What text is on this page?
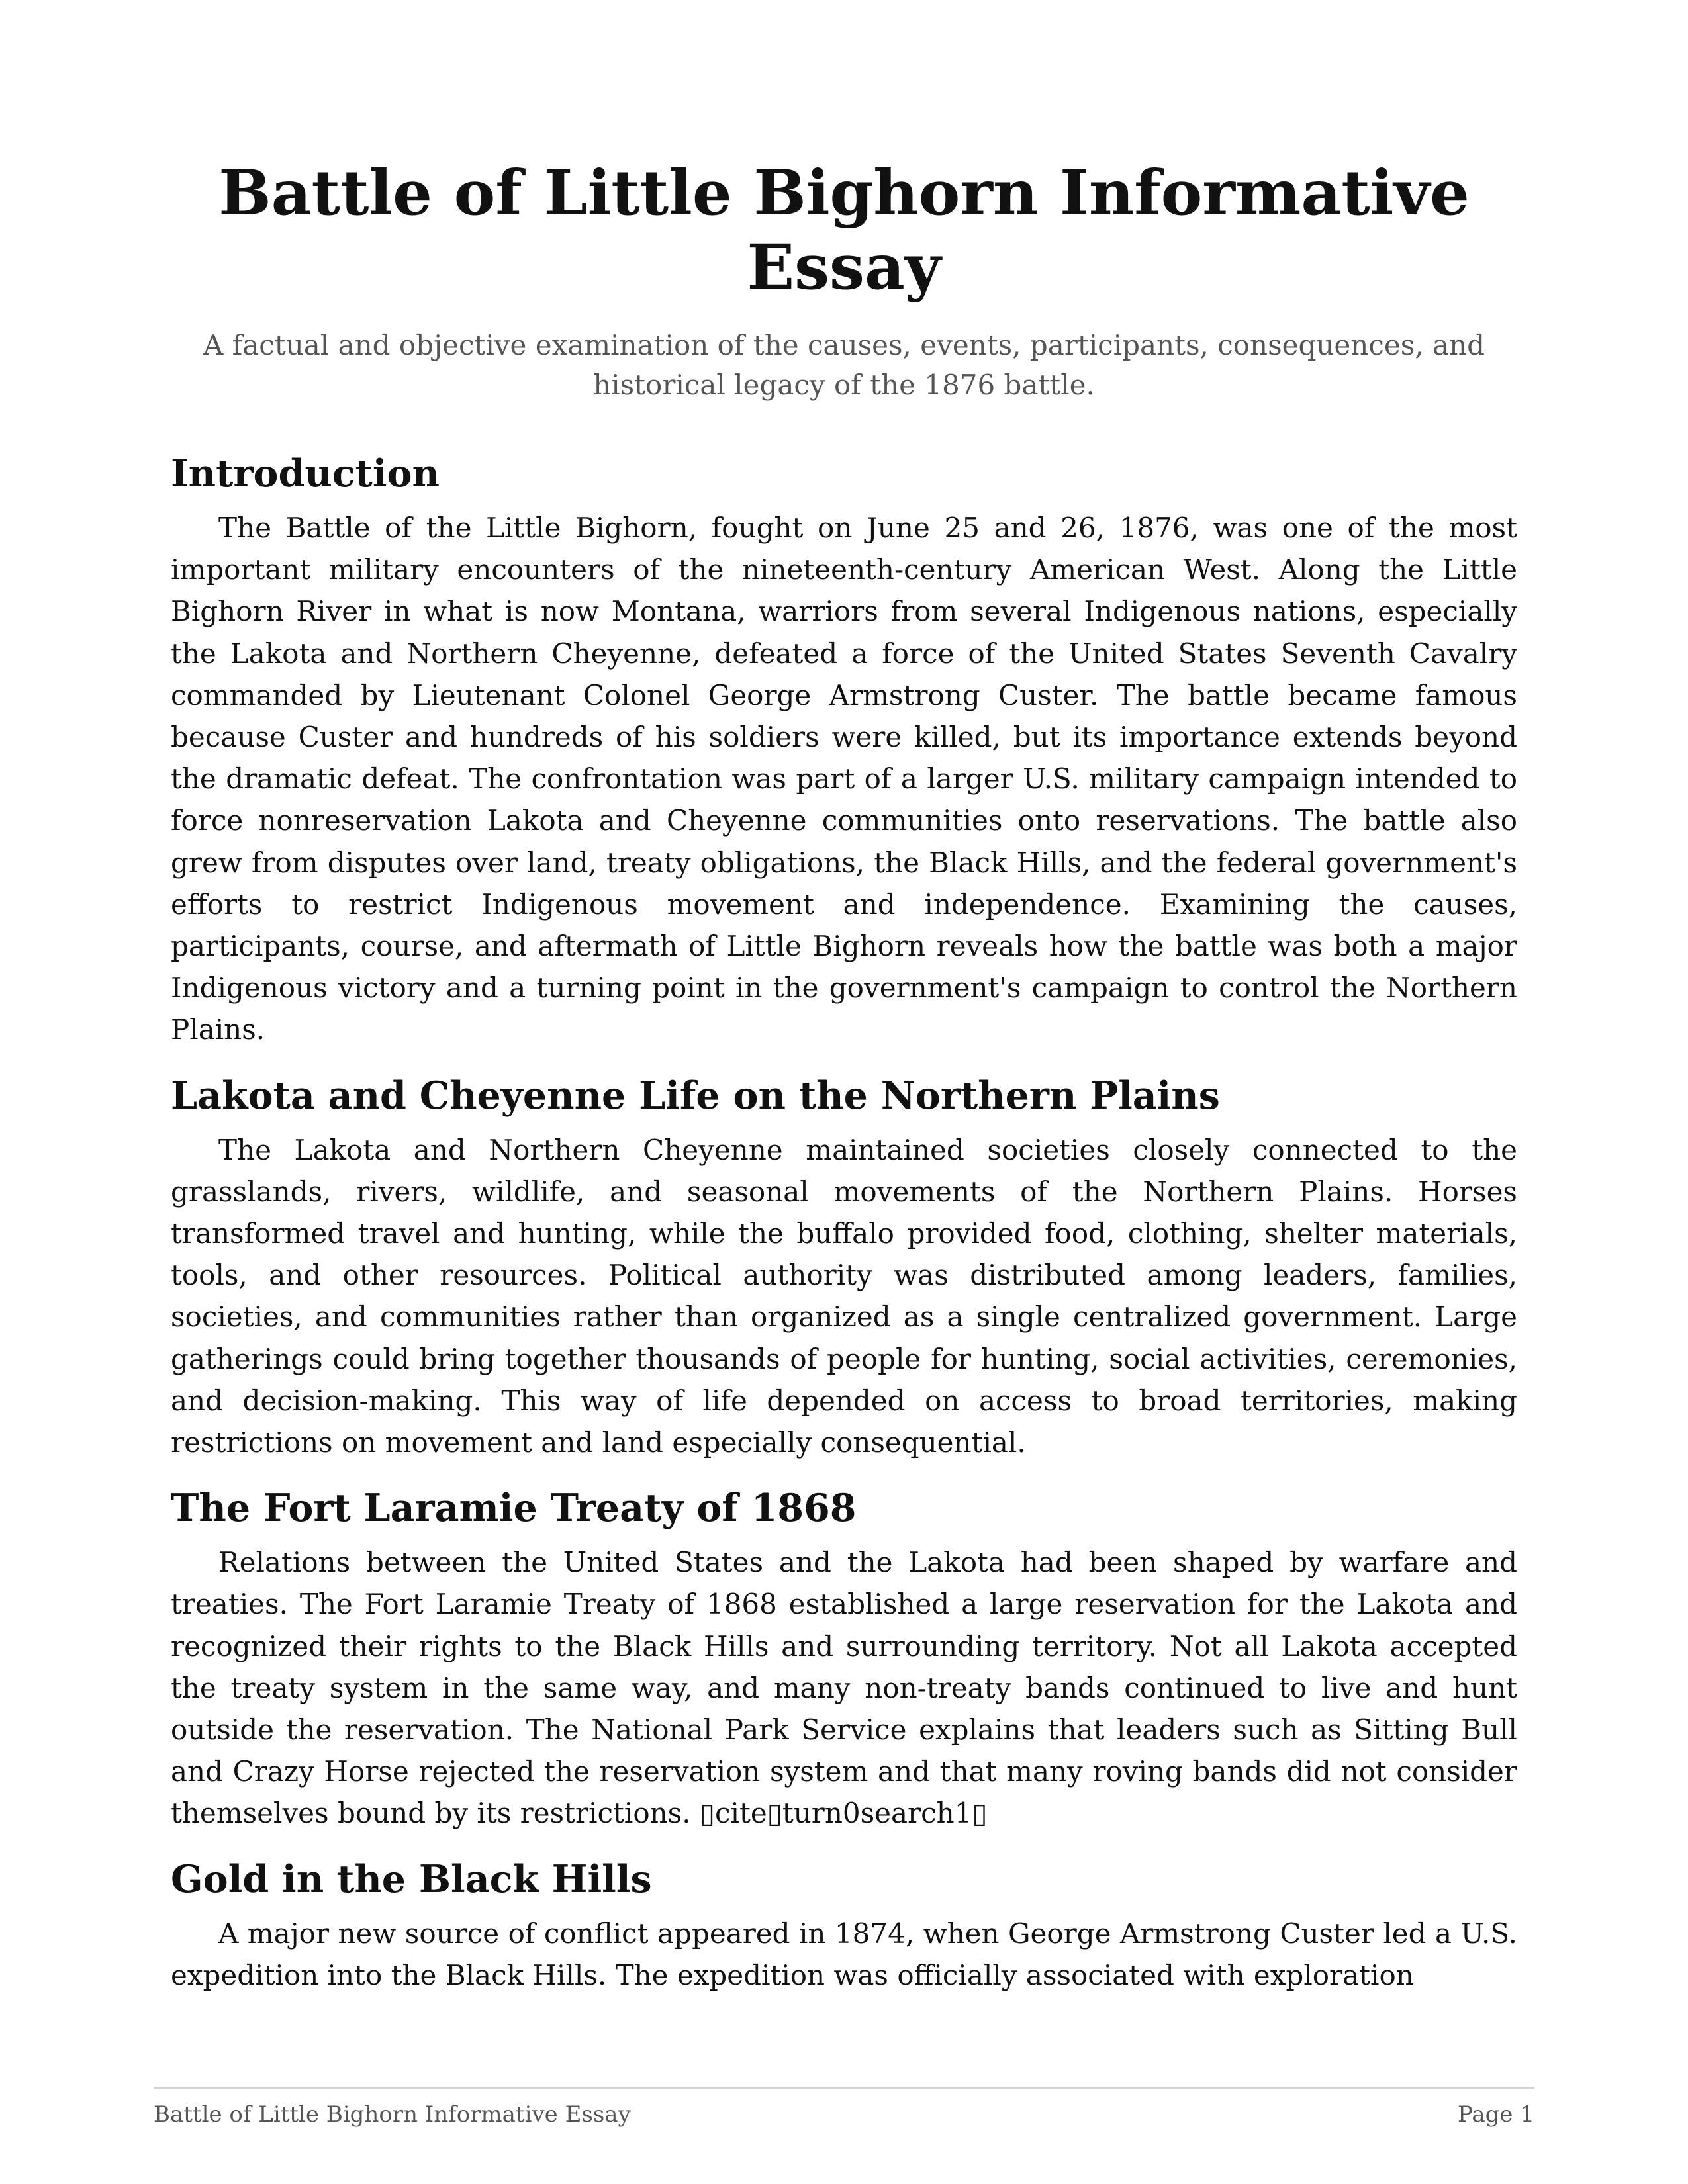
Battle of Little Bighorn Informative Essay

A factual and objective examination of the causes, events, participants, consequences, and historical legacy of the 1876 battle.

Introduction

The Battle of the Little Bighorn, fought on June 25 and 26, 1876, was one of the most important military encounters of the nineteenth-century American West. Along the Little Bighorn River in what is now Montana, warriors from several Indigenous nations, especially the Lakota and Northern Cheyenne, defeated a force of the United States Seventh Cavalry commanded by Lieutenant Colonel George Armstrong Custer. The battle became famous because Custer and hundreds of his soldiers were killed, but its importance extends beyond the dramatic defeat. The confrontation was part of a larger U.S. military campaign intended to force nonreservation Lakota and Cheyenne communities onto reservations. The battle also grew from disputes over land, treaty obligations, the Black Hills, and the federal government's efforts to restrict Indigenous movement and independence. Examining the causes, participants, course, and aftermath of Little Bighorn reveals how the battle was both a major Indigenous victory and a turning point in the government's campaign to control the Northern Plains.

Lakota and Cheyenne Life on the Northern Plains

The Lakota and Northern Cheyenne maintained societies closely connected to the grasslands, rivers, wildlife, and seasonal movements of the Northern Plains. Horses transformed travel and hunting, while the buffalo provided food, clothing, shelter materials, tools, and other resources. Political authority was distributed among leaders, families, societies, and communities rather than organized as a single centralized government. Large gatherings could bring together thousands of people for hunting, social activities, ceremonies, and decision-making. This way of life depended on access to broad territories, making restrictions on movement and land especially consequential.

The Fort Laramie Treaty of 1868

Relations between the United States and the Lakota had been shaped by warfare and treaties. The Fort Laramie Treaty of 1868 established a large reservation for the Lakota and recognized their rights to the Black Hills and surrounding territory. Not all Lakota accepted the treaty system in the same way, and many non-treaty bands continued to live and hunt outside the reservation. The National Park Service explains that leaders such as Sitting Bull and Crazy Horse rejected the reservation system and that many roving bands did not consider themselves bound by its restrictions. ▯cite▯turn0search1▯

Gold in the Black Hills

A major new source of conflict appeared in 1874, when George Armstrong Custer led a U.S. expedition into the Black Hills. The expedition was officially associated with exploration

Battle of Little Bighorn Informative Essay	Page 1
